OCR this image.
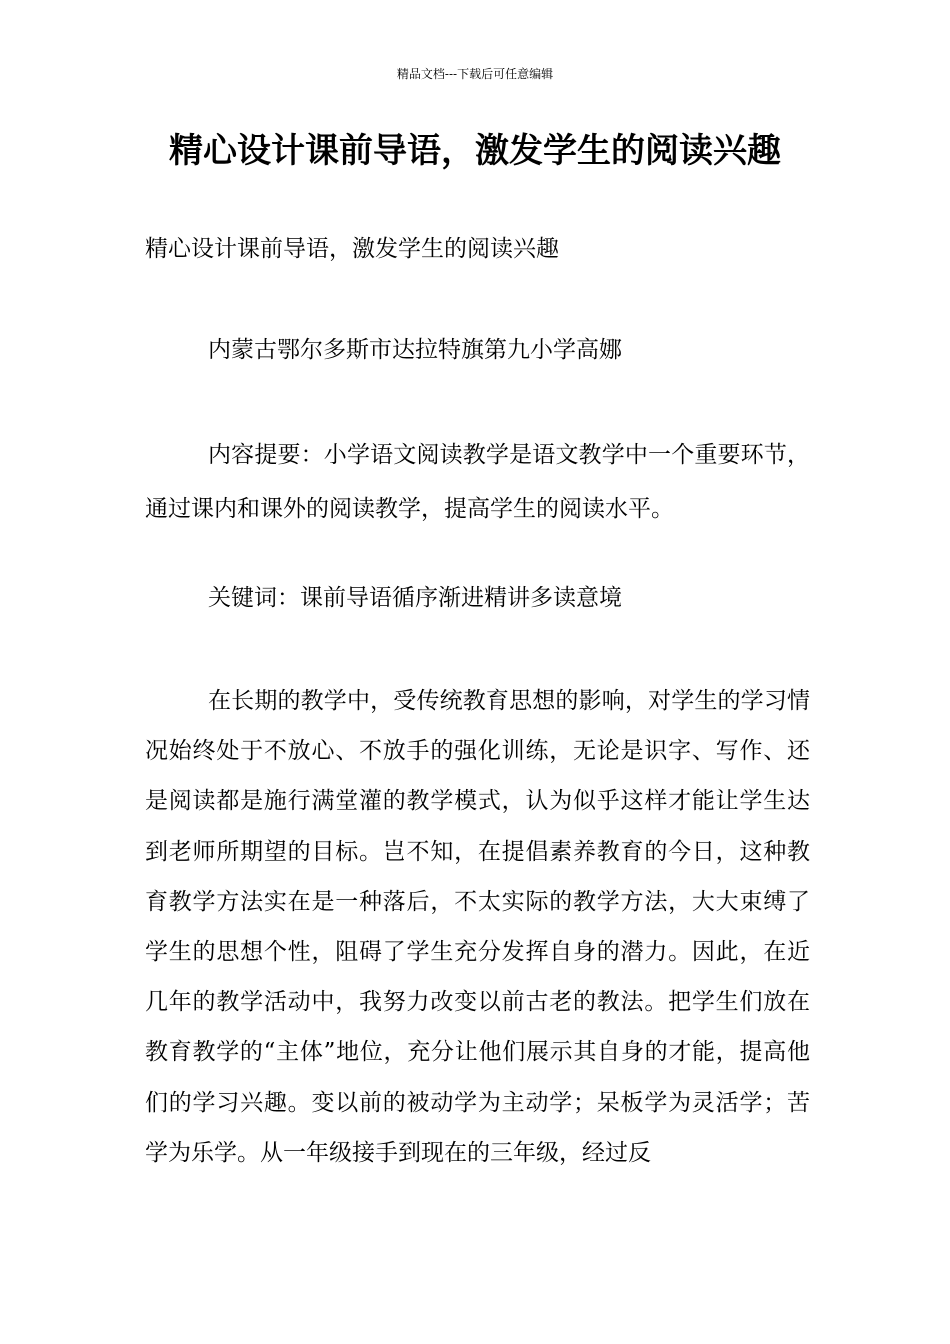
精品文档---下载后可任意编辑
精心设计课前导语，激发学生的阅读兴趣
精心设计课前导语，激发学生的阅读兴趣
内蒙古鄂尔多斯市达拉特旗第九小学高娜

内容提要：小学语文阅读教学是语文教学中一个重要环节，通过课内和课外的阅读教学，提高学生的阅读水平。

关键词：课前导语循序渐进精讲多读意境

在长期的教学中，受传统教育思想的影响，对学生的学习情况始终处于不放心、不放手的强化训练，无论是识字、写作、还是阅读都是施行满堂灌的教学模式，认为似乎这样才能让学生达到老师所期望的目标。岂不知，在提倡素养教育的今日，这种教育教学方法实在是一种落后，不太实际的教学方法，大大束缚了学生的思想个性，阻碍了学生充分发挥自身的潜力。因此，在近几年的教学活动中，我努力改变以前古老的教法。把学生们放在教育教学的“主体”地位，充分让他们展示其自身的才能，提高他们的学习兴趣。变以前的被动学为主动学；呆板学为灵活学；苦学为乐学。从一年级接手到现在的三年级，经过反
